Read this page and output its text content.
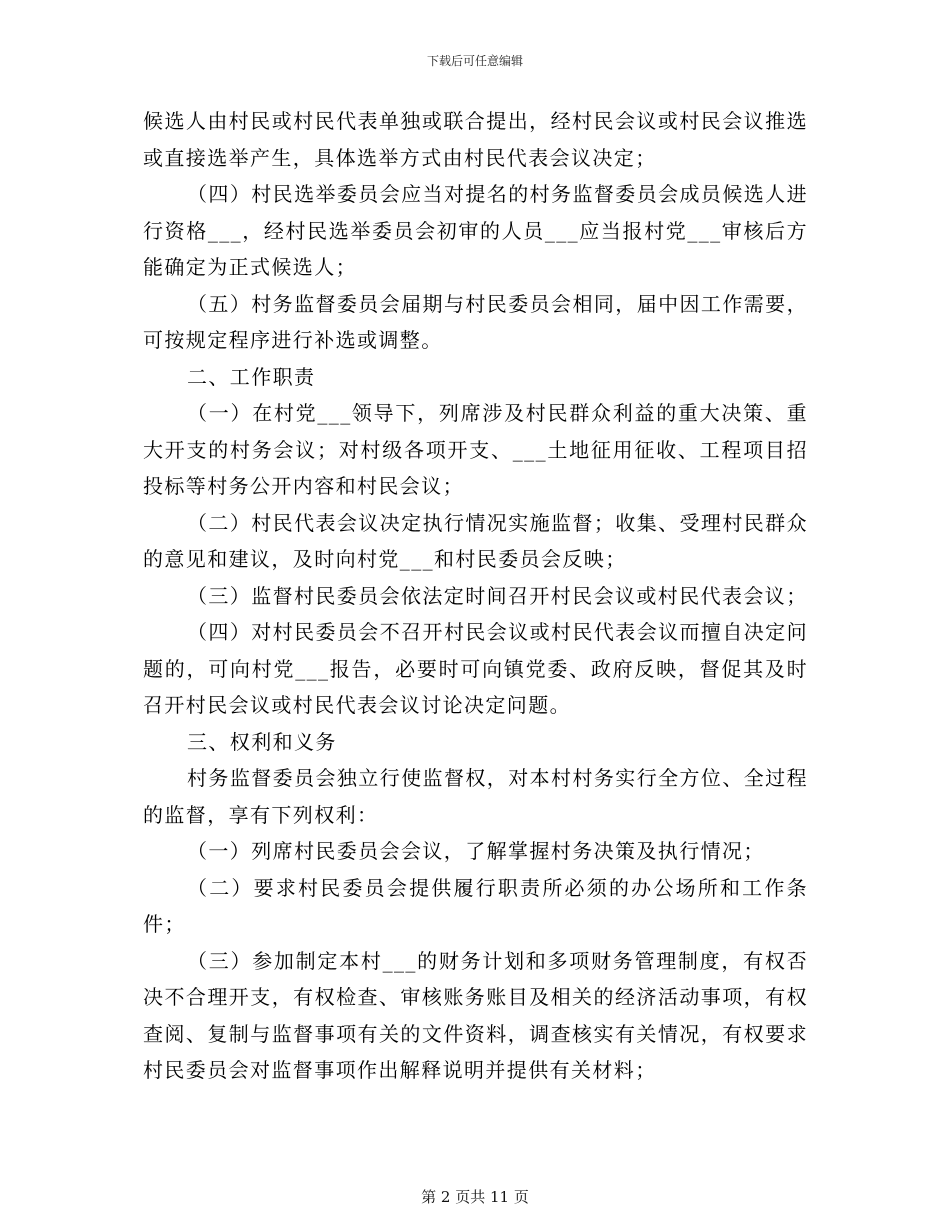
下载后可任意编辑

候选人由村民或村民代表单独或联合提出，经村民会议或村民会议推选或直接选举产生，具体选举方式由村民代表会议决定；

（四）村民选举委员会应当对提名的村务监督委员会成员候选人进行资格___，经村民选举委员会初审的人员___应当报村党___审核后方能确定为正式候选人；

（五）村务监督委员会届期与村民委员会相同，届中因工作需要，可按规定程序进行补选或调整。

二、工作职责

（一）在村党___领导下，列席涉及村民群众利益的重大决策、重大开支的村务会议；对村级各项开支、___土地征用征收、工程项目招投标等村务公开内容和村民会议；

（二）村民代表会议决定执行情况实施监督；收集、受理村民群众的意见和建议，及时向村党___和村民委员会反映；

（三）监督村民委员会依法定时间召开村民会议或村民代表会议；

（四）对村民委员会不召开村民会议或村民代表会议而擅自决定问题的，可向村党___报告，必要时可向镇党委、政府反映，督促其及时召开村民会议或村民代表会议讨论决定问题。

三、权利和义务

村务监督委员会独立行使监督权，对本村村务实行全方位、全过程的监督，享有下列权利：

（一）列席村民委员会会议，了解掌握村务决策及执行情况；

（二）要求村民委员会提供履行职责所必须的办公场所和工作条件；

（三）参加制定本村___的财务计划和多项财务管理制度，有权否决不合理开支，有权检查、审核账务账目及相关的经济活动事项，有权查阅、复制与监督事项有关的文件资料，调查核实有关情况，有权要求村民委员会对监督事项作出解释说明并提供有关材料；

第 2 页共 11 页
